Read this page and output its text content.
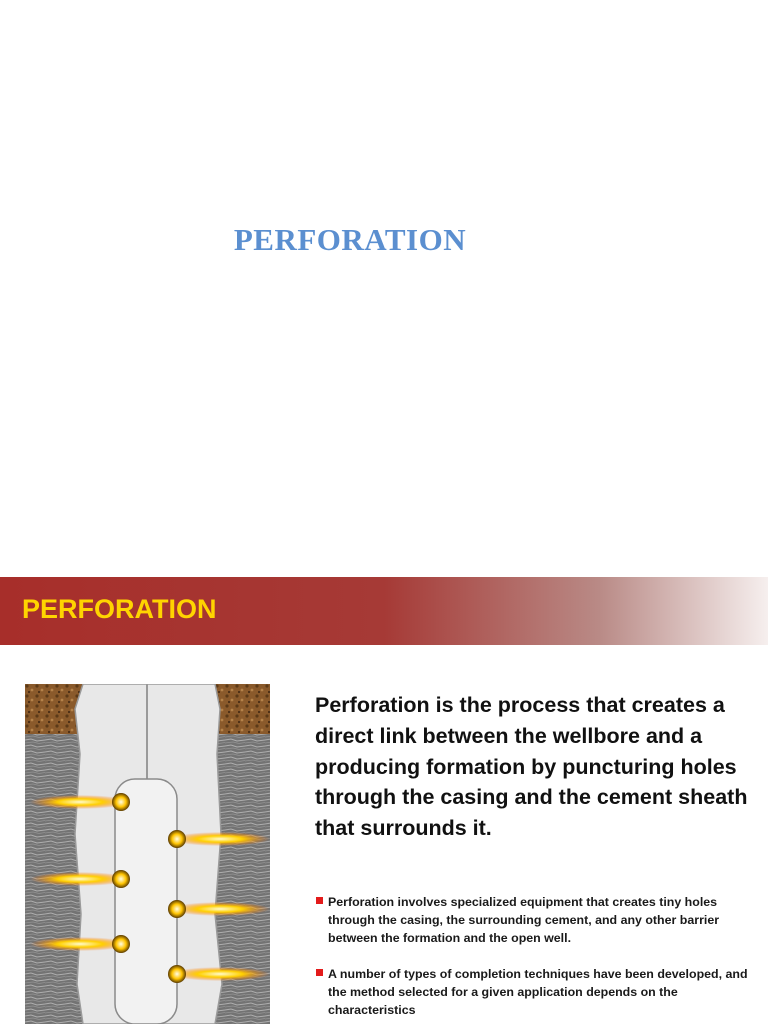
PERFORATION
PERFORATION
Perforation is the process that creates a direct link between the wellbore and a producing formation by puncturing holes through the casing and the cement sheath that surrounds it.
Perforation involves specialized equipment that creates tiny holes through the casing, the surrounding cement, and any other barrier between the formation and the open well.
A number of types of completion techniques have been developed, and the method selected for a given application depends on the characteristics
